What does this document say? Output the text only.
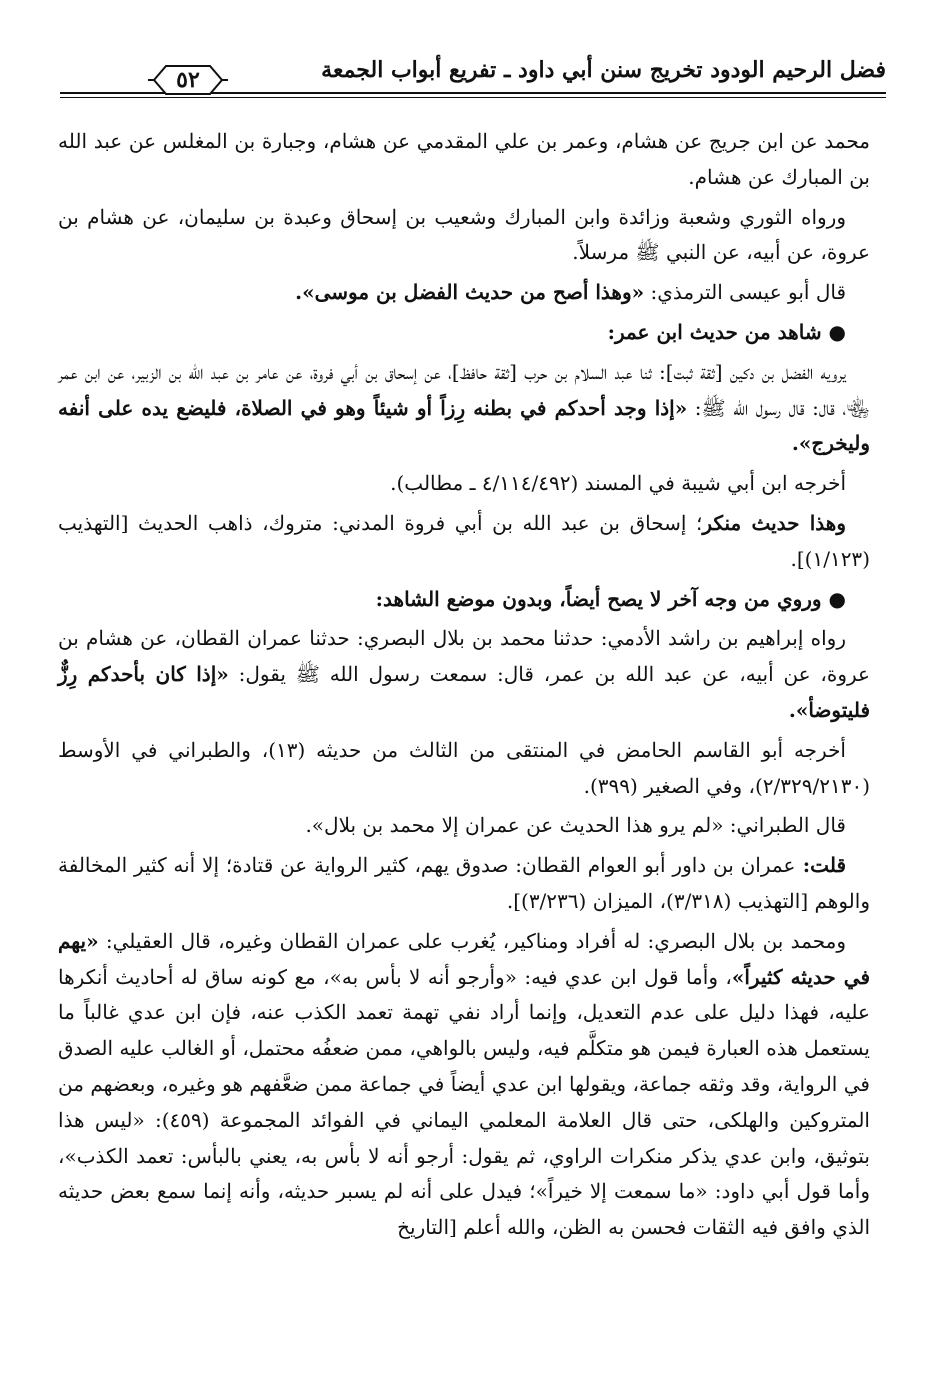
فضل الرحيم الودود تخريج سنن أبي داود ـ تفريع أبواب الجمعة
٥٢

محمد عن ابن جريج عن هشام، وعمر بن علي المقدمي عن هشام، وجبارة بن المغلس عن عبد الله بن المبارك عن هشام.

ورواه الثوري وشعبة وزائدة وابن المبارك وشعيب بن إسحاق وعبدة بن سليمان، عن هشام بن عروة، عن أبيه، عن النبي ﷺ مرسلاً.

قال أبو عيسى الترمذي: «وهذا أصح من حديث الفضل بن موسى».

● شاهد من حديث ابن عمر:

يرويه الفضل بن دكين [ثقة ثبت]: ثنا عبد السلام بن حرب [ثقة حافظ]، عن إسحاق بن أبي فروة، عن عامر بن عبد الله بن الزبير، عن ابن عمر ﵄، قال: قال رسول الله ﷺ: «إذا وجد أحدكم في بطنه رِزاً أو شيئاً وهو في الصلاة، فليضع يده على أنفه وليخرج».

أخرجه ابن أبي شيبة في المسند (٤/١١٤/٤٩٢ ـ مطالب).

وهذا حديث منكر؛ إسحاق بن عبد الله بن أبي فروة المدني: متروك، ذاهب الحديث [التهذيب (١/١٢٣)].

● وروي من وجه آخر لا يصح أيضاً، وبدون موضع الشاهد:

رواه إبراهيم بن راشد الأدمي: حدثنا محمد بن بلال البصري: حدثنا عمران القطان، عن هشام بن عروة، عن أبيه، عن عبد الله بن عمر، قال: سمعت رسول الله ﷺ يقول: «إذا كان بأحدكم رِزٌّ فليتوضأ».

أخرجه أبو القاسم الحامض في المنتقى من الثالث من حديثه (١٣)، والطبراني في الأوسط (٢/٣٢٩/٢١٣٠)، وفي الصغير (٣٩٩).

قال الطبراني: «لم يرو هذا الحديث عن عمران إلا محمد بن بلال».

قلت: عمران بن داور أبو العوام القطان: صدوق يهم، كثير الرواية عن قتادة؛ إلا أنه كثير المخالفة والوهم [التهذيب (٣/٣١٨)، الميزان (٣/٢٣٦)].

ومحمد بن بلال البصري: له أفراد ومناكير، يُغرب على عمران القطان وغيره، قال العقيلي: «يهم في حديثه كثيراً»، وأما قول ابن عدي فيه: «وأرجو أنه لا بأس به»، مع كونه ساق له أحاديث أنكرها عليه، فهذا دليل على عدم التعديل، وإنما أراد نفي تهمة تعمد الكذب عنه، فإن ابن عدي غالباً ما يستعمل هذه العبارة فيمن هو متكلَّم فيه، وليس بالواهي، ممن ضعفُه محتمل، أو الغالب عليه الصدق في الرواية، وقد وثقه جماعة، ويقولها ابن عدي أيضاً في جماعة ممن ضعَّفهم هو وغيره، وبعضهم من المتروكين والهلكى، حتى قال العلامة المعلمي اليماني في الفوائد المجموعة (٤٥٩): «ليس هذا بتوثيق، وابن عدي يذكر منكرات الراوي، ثم يقول: أرجو أنه لا بأس به، يعني بالبأس: تعمد الكذب»، وأما قول أبي داود: «ما سمعت إلا خيراً»؛ فيدل على أنه لم يسبر حديثه، وأنه إنما سمع بعض حديثه الذي وافق فيه الثقات فحسن به الظن، والله أعلم [التاريخ
